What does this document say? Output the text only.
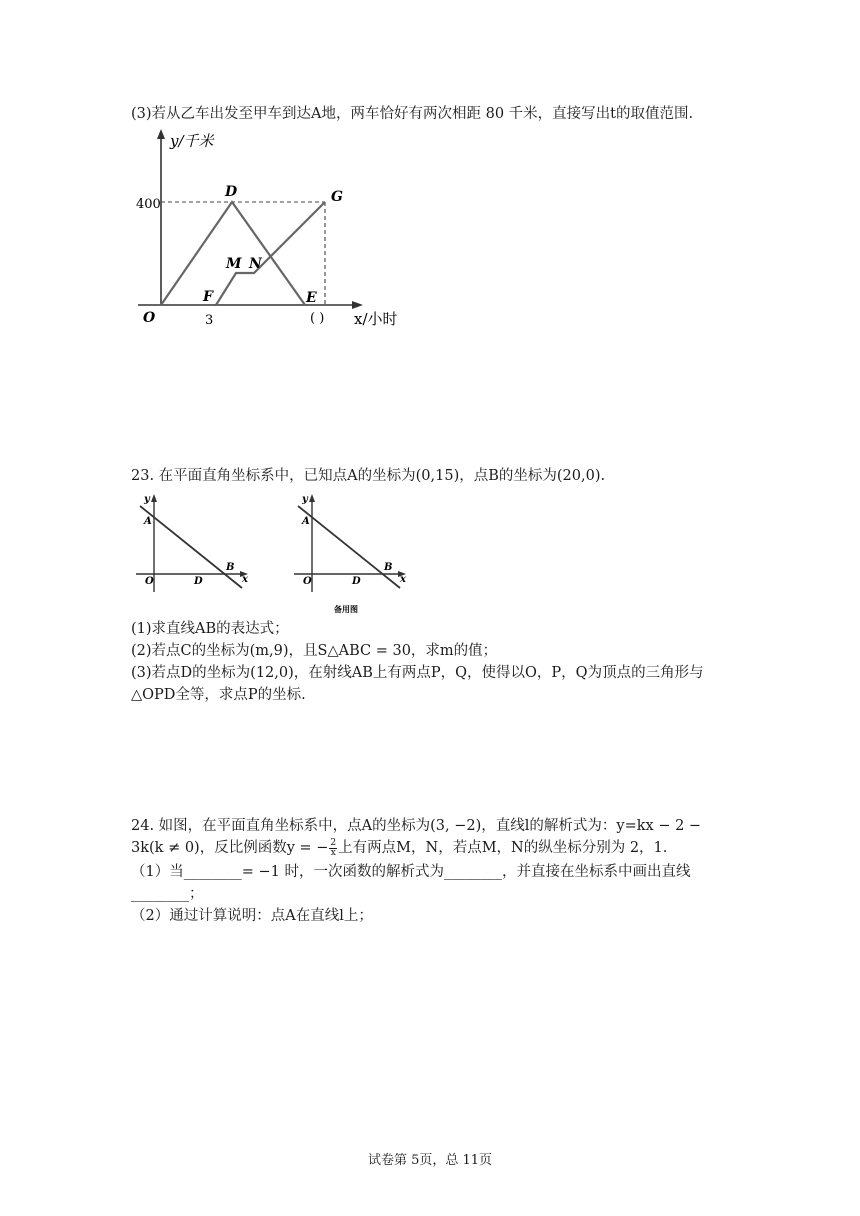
(3)若从乙车出发至甲车到达A地，两车恰好有两次相距 80 千米，直接写出t的取值范围.
y/千米
400
O	3	( ) x/小时
D	G
M N
F	E
23. 在平面直角坐标系中，已知点A的坐标为(0,15)，点B的坐标为(20,0).
y
A
O	D
B
x
y
A
O	D
B
x
备用图
(1)求直线AB的表达式；
(2)若点C的坐标为(m,9)，且S△ABC = 30，求m的值；
(3)若点D的坐标为(12,0)，在射线AB上有两点P，Q，使得以O，P，Q为顶点的三角形与
△OPD全等，求点P的坐标.
24. 如图，在平面直角坐标系中，点A的坐标为(3, −2)，直线l的解析式为：y=kx − 2 −
3k(k ≠ 0)，反比例函数y = − $\frac{2}{x}$ 上有两点M，N，若点M，N的纵坐标分别为 2，1.
（1）当________= −1 时，一次函数的解析式为________，并直接在坐标系中画出直线
________；
（2）通过计算说明：点A在直线l上；
试卷第 5页，总 11页
